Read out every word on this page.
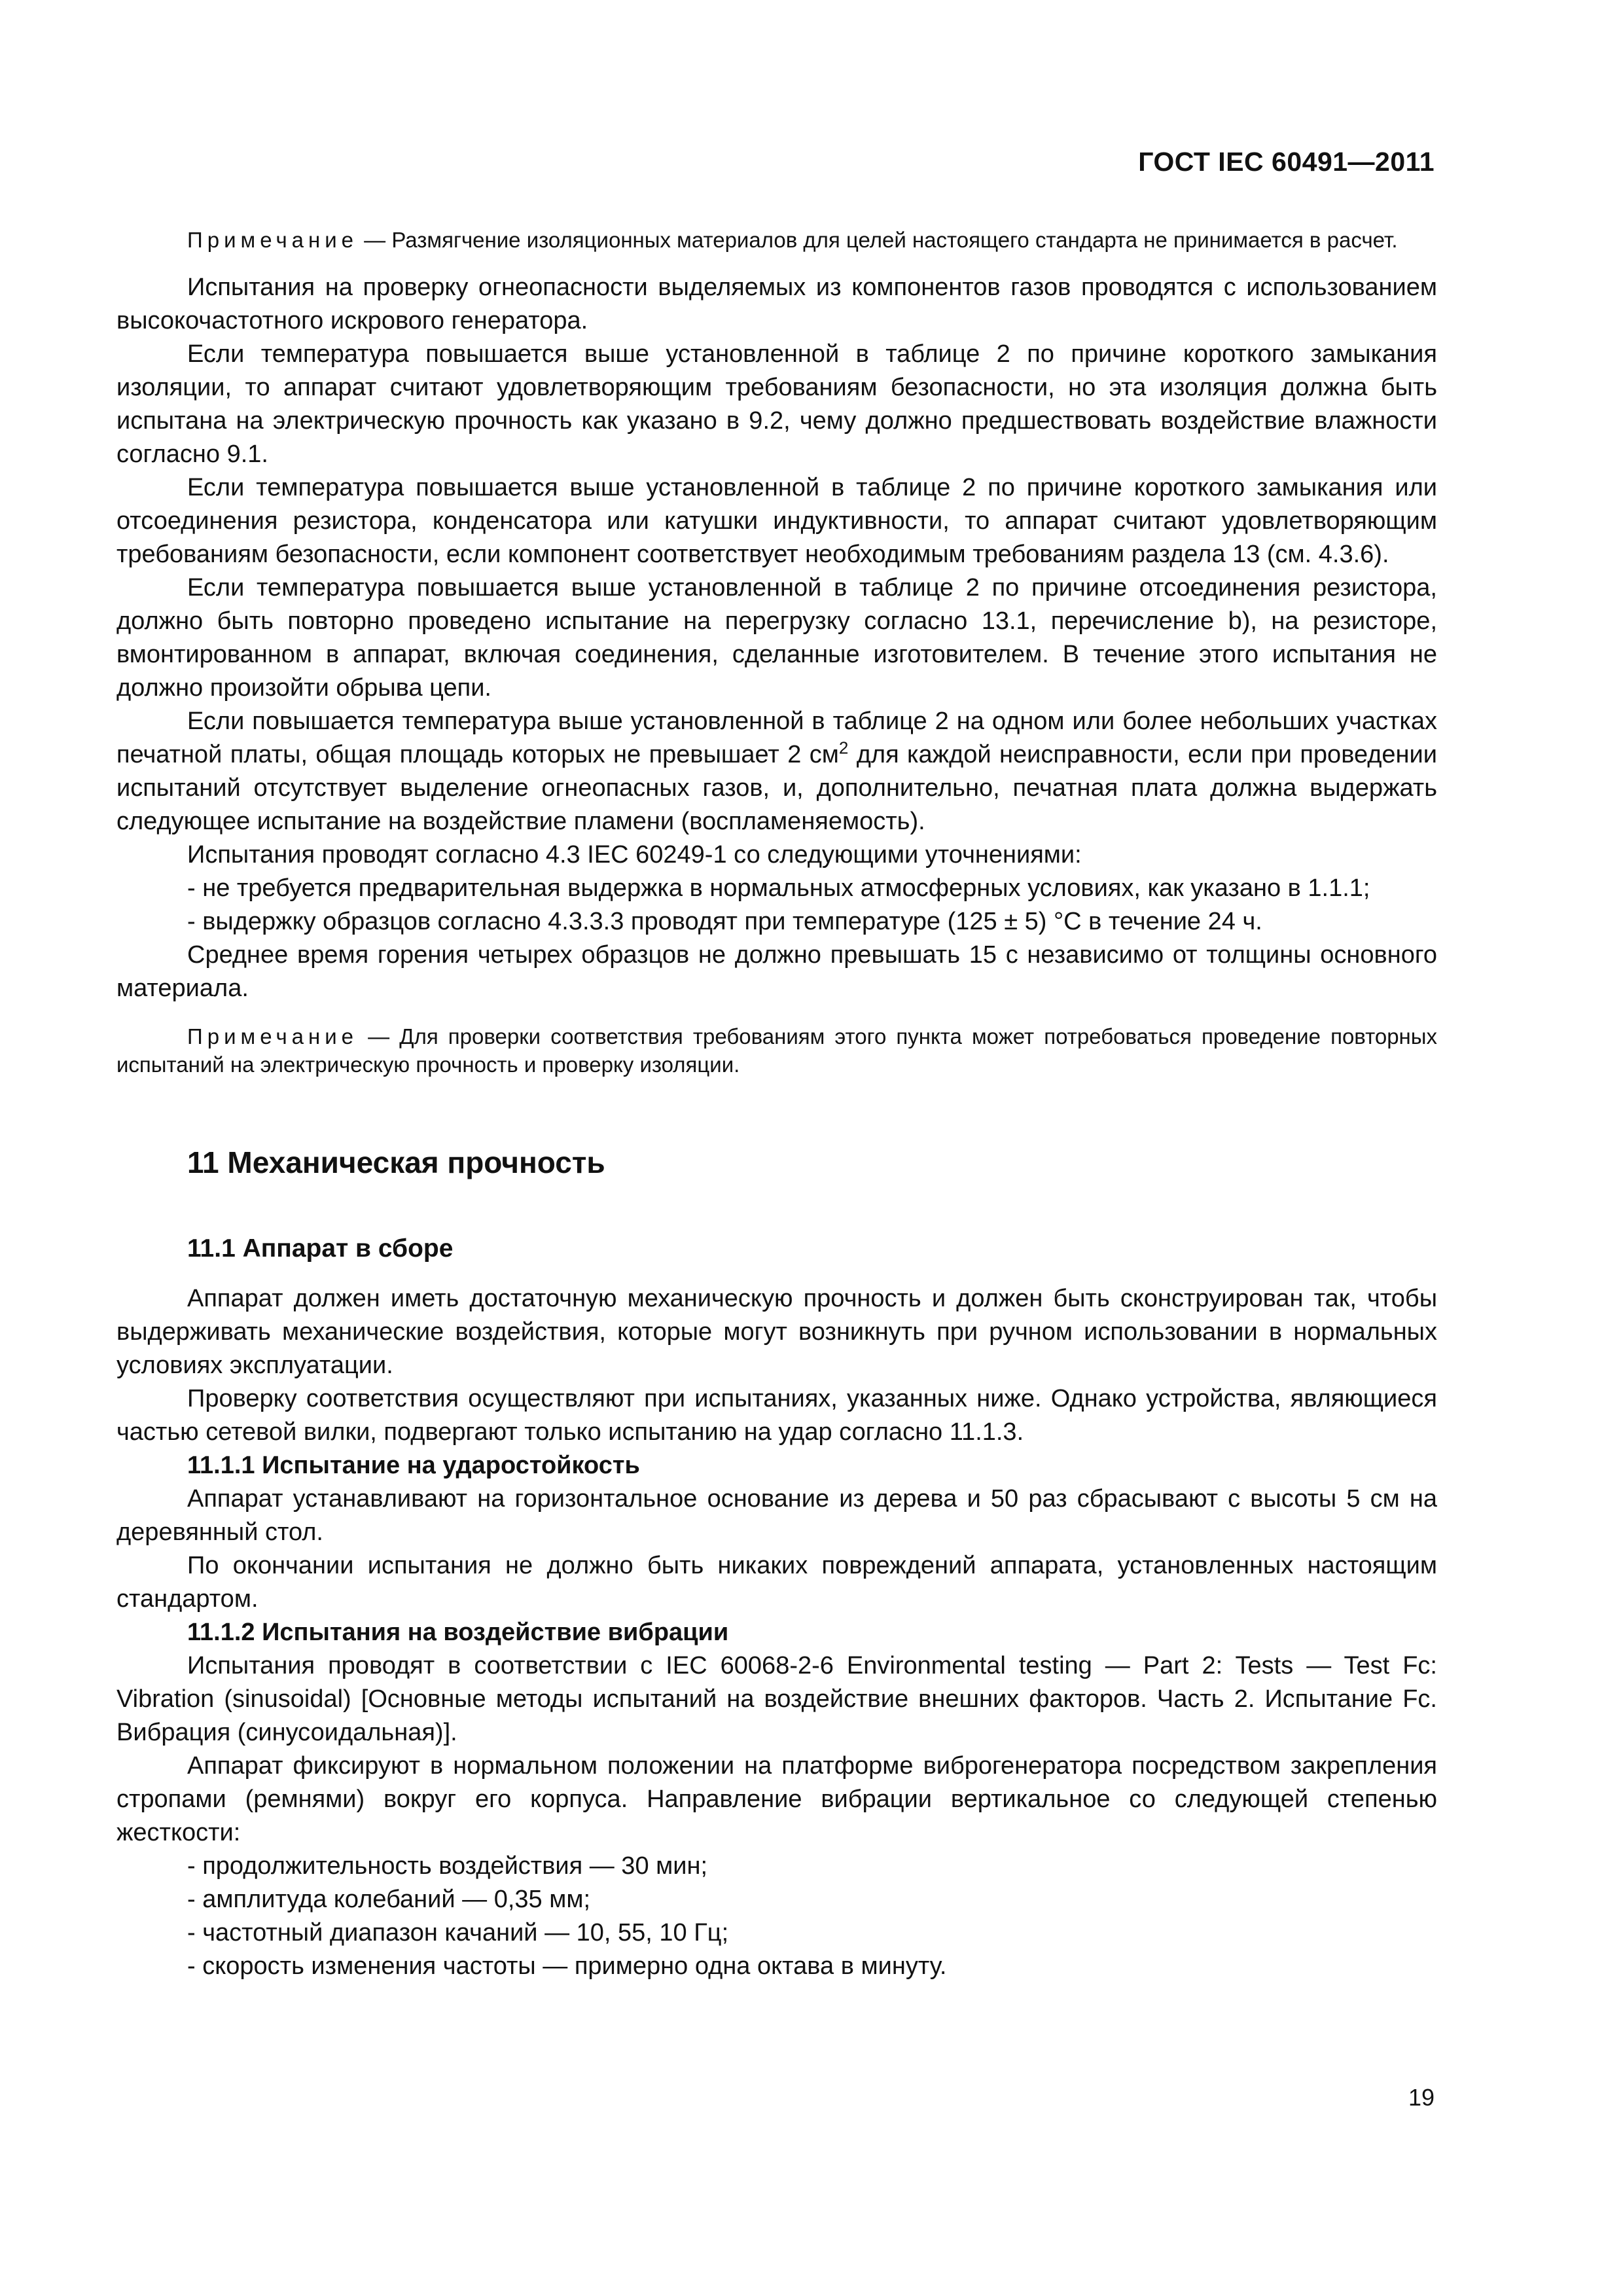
ГОСТ IEC 60491—2011

Примечание — Размягчение изоляционных материалов для целей настоящего стандарта не принимается в расчет.

Испытания на проверку огнеопасности выделяемых из компонентов газов проводятся с использованием высокочастотного искрового генератора.

Если температура повышается выше установленной в таблице 2 по причине короткого замыкания изоляции, то аппарат считают удовлетворяющим требованиям безопасности, но эта изоляция должна быть испытана на электрическую прочность как указано в 9.2, чему должно предшествовать воздействие влажности согласно 9.1.

Если температура повышается выше установленной в таблице 2 по причине короткого замыкания или отсоединения резистора, конденсатора или катушки индуктивности, то аппарат считают удовлетворяющим требованиям безопасности, если компонент соответствует необходимым требованиям раздела 13 (см. 4.3.6).

Если температура повышается выше установленной в таблице 2 по причине отсоединения резистора, должно быть повторно проведено испытание на перегрузку согласно 13.1, перечисление b), на резисторе, вмонтированном в аппарат, включая соединения, сделанные изготовителем. В течение этого испытания не должно произойти обрыва цепи.

Если повышается температура выше установленной в таблице 2 на одном или более небольших участках печатной платы, общая площадь которых не превышает 2 $см^2$ для каждой неисправности, если при проведении испытаний отсутствует выделение огнеопасных газов, и, дополнительно, печатная плата должна выдержать следующее испытание на воздействие пламени (воспламеняемость).

Испытания проводят согласно 4.3 IEC 60249-1 со следующими уточнениями:

- не требуется предварительная выдержка в нормальных атмосферных условиях, как указано в 1.1.1;

- выдержку образцов согласно 4.3.3.3 проводят при температуре (125 ± 5) °С в течение 24 ч.

Среднее время горения четырех образцов не должно превышать 15 с независимо от толщины основного материала.

Примечание — Для проверки соответствия требованиям этого пункта может потребоваться проведение повторных испытаний на электрическую прочность и проверку изоляции.

11 Механическая прочность
11.1 Аппарат в сборе

Аппарат должен иметь достаточную механическую прочность и должен быть сконструирован так, чтобы выдерживать механические воздействия, которые могут возникнуть при ручном использовании в нормальных условиях эксплуатации.

Проверку соответствия осуществляют при испытаниях, указанных ниже. Однако устройства, являющиеся частью сетевой вилки, подвергают только испытанию на удар согласно 11.1.3.

11.1.1 Испытание на ударостойкость

Аппарат устанавливают на горизонтальное основание из дерева и 50 раз сбрасывают с высоты 5 см на деревянный стол.

По окончании испытания не должно быть никаких повреждений аппарата, установленных настоящим стандартом.

11.1.2 Испытания на воздействие вибрации

Испытания проводят в соответствии с IEC 60068-2-6 Environmental testing — Part 2: Tests — Test Fc: Vibration (sinusoidal) [Основные методы испытаний на воздействие внешних факторов. Часть 2. Испытание Fc. Вибрация (синусоидальная)].

Аппарат фиксируют в нормальном положении на платформе виброгенератора посредством закрепления стропами (ремнями) вокруг его корпуса. Направление вибрации вертикальное со следующей степенью жесткости:

- продолжительность воздействия — 30 мин;
- амплитуда колебаний — 0,35 мм;
- частотный диапазон качаний — 10, 55, 10 Гц;
- скорость изменения частоты — примерно одна октава в минуту.
19
